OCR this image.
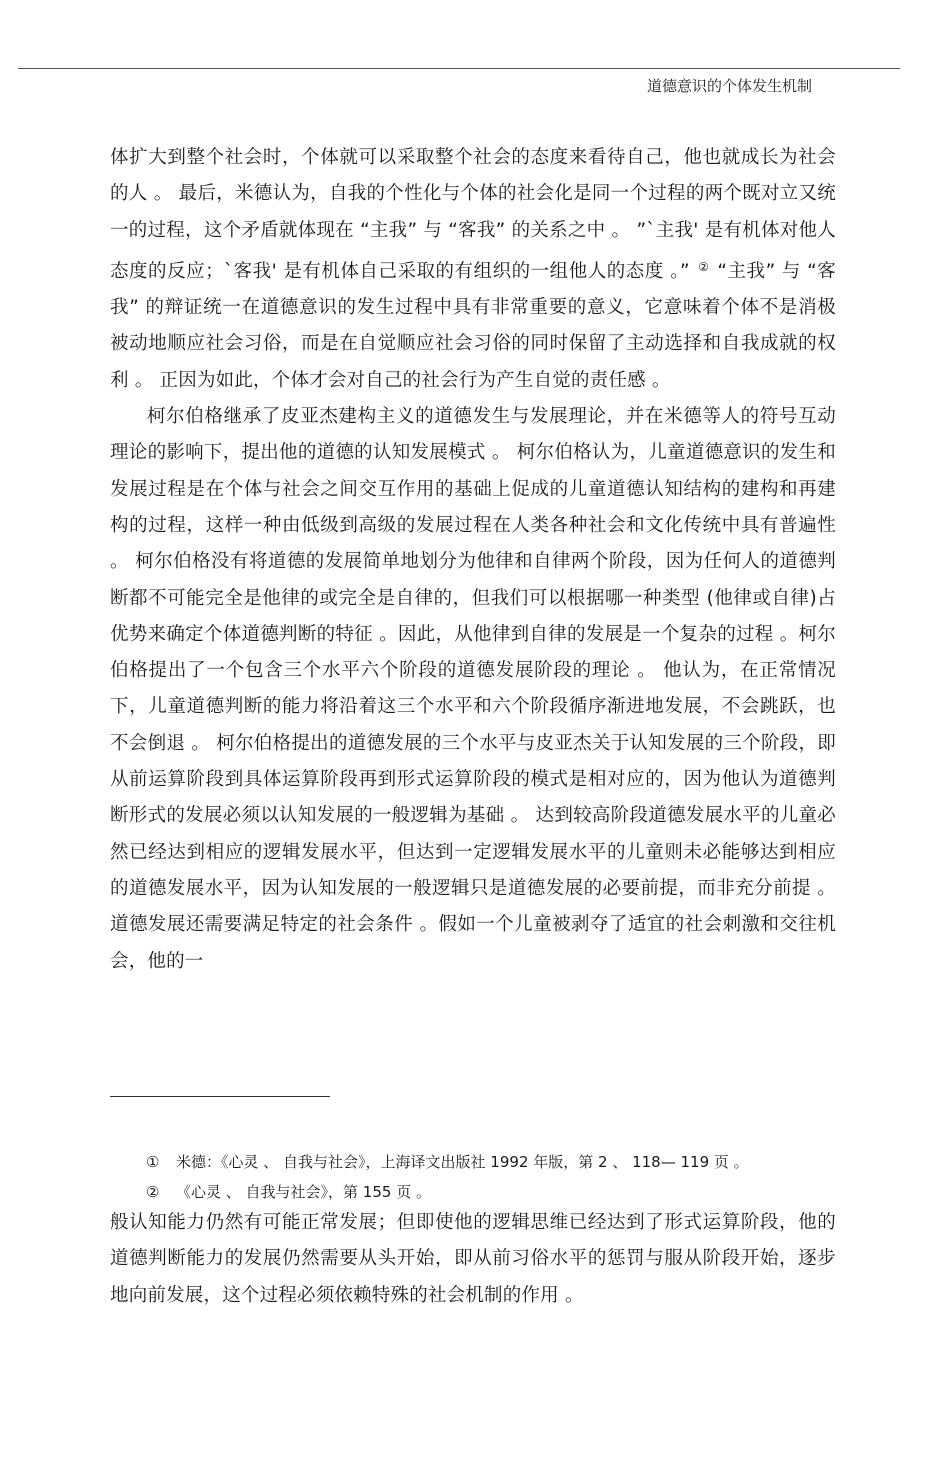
道德意识的个体发生机制

体扩大到整个社会时，个体就可以采取整个社会的态度来看待自己，他也就成长为社会的人 。 最后，米德认为，自我的个性化与个体的社会化是同一个过程的两个既对立又统一的过程，这个矛盾就体现在 “主我” 与 “客我” 的关系之中 。 ”`主我' 是有机体对他人态度的反应；`客我' 是有机体自己采取的有组织的一组他人的态度 。” ② “主我” 与 “客我” 的辩证统一在道德意识的发生过程中具有非常重要的意义，它意味着个体不是消极被动地顺应社会习俗，而是在自觉顺应社会习俗的同时保留了主动选择和自我成就的权利 。 正因为如此，个体才会对自己的社会行为产生自觉的责任感 。

柯尔伯格继承了皮亚杰建构主义的道德发生与发展理论，并在米德等人的符号互动理论的影响下，提出他的道德的认知发展模式 。 柯尔伯格认为，儿童道德意识的发生和发展过程是在个体与社会之间交互作用的基础上促成的儿童道德认知结构的建构和再建构的过程，这样一种由低级到高级的发展过程在人类各种社会和文化传统中具有普遍性 。 柯尔伯格没有将道德的发展简单地划分为他律和自律两个阶段，因为任何人的道德判断都不可能完全是他律的或完全是自律的，但我们可以根据哪一种类型 (他律或自律)占优势来确定个体道德判断的特征 。因此，从他律到自律的发展是一个复杂的过程 。柯尔伯格提出了一个包含三个水平六个阶段的道德发展阶段的理论 。 他认为，在正常情况下，儿童道德判断的能力将沿着这三个水平和六个阶段循序渐进地发展，不会跳跃，也不会倒退 。 柯尔伯格提出的道德发展的三个水平与皮亚杰关于认知发展的三个阶段，即从前运算阶段到具体运算阶段再到形式运算阶段的模式是相对应的，因为他认为道德判断形式的发展必须以认知发展的一般逻辑为基础 。 达到较高阶段道德发展水平的儿童必然已经达到相应的逻辑发展水平，但达到一定逻辑发展水平的儿童则未必能够达到相应的道德发展水平，因为认知发展的一般逻辑只是道德发展的必要前提，而非充分前提 。道德发展还需要满足特定的社会条件 。假如一个儿童被剥夺了适宜的社会刺激和交往机会，他的一

① 米德：《心灵 、 自我与社会》，上海译文出版社 1992 年版，第 2 、 118— 119 页 。
② 《心灵 、 自我与社会》，第 155 页 。

般认知能力仍然有可能正常发展；但即使他的逻辑思维已经达到了形式运算阶段，他的道德判断能力的发展仍然需要从头开始，即从前习俗水平的惩罚与服从阶段开始，逐步地向前发展，这个过程必须依赖特殊的社会机制的作用 。
